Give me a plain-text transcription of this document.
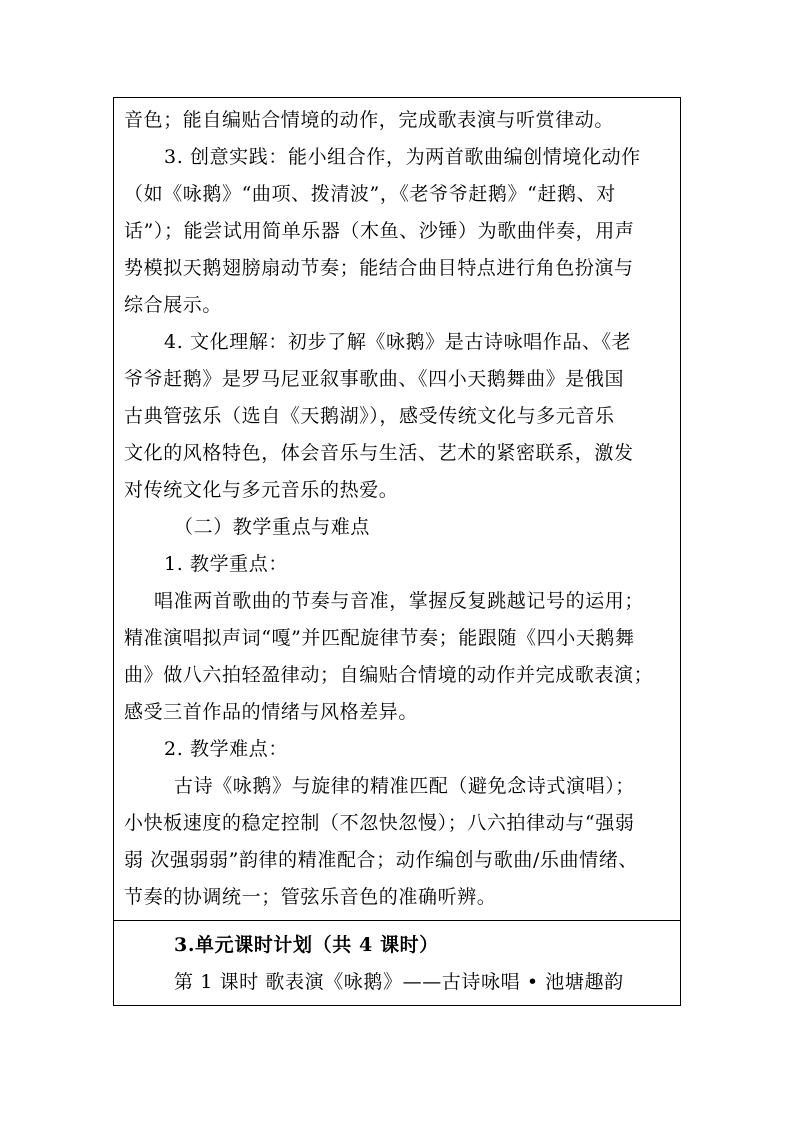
音色；能自编贴合情境的动作，完成歌表演与听赏律动。
3. 创意实践：能小组合作，为两首歌曲编创情境化动作
（如《咏鹅》“曲项、拨清波”，《老爷爷赶鹅》“赶鹅、对
话”）；能尝试用简单乐器（木鱼、沙锤）为歌曲伴奏，用声
势模拟天鹅翅膀扇动节奏；能结合曲目特点进行角色扮演与
综合展示。
4. 文化理解：初步了解《咏鹅》是古诗咏唱作品、《老
爷爷赶鹅》是罗马尼亚叙事歌曲、《四小天鹅舞曲》是俄国
古典管弦乐（选自《天鹅湖》），感受传统文化与多元音乐
文化的风格特色，体会音乐与生活、艺术的紧密联系，激发
对传统文化与多元音乐的热爱。
（二）教学重点与难点
1. 教学重点：
唱准两首歌曲的节奏与音准，掌握反复跳越记号的运用；
精准演唱拟声词“嘎”并匹配旋律节奏；能跟随《四小天鹅舞
曲》做八六拍轻盈律动；自编贴合情境的动作并完成歌表演；
感受三首作品的情绪与风格差异。
2. 教学难点：
古诗《咏鹅》与旋律的精准匹配（避免念诗式演唱）；
小快板速度的稳定控制（不忽快忽慢）；八六拍律动与“强弱
弱 次强弱弱”韵律的精准配合；动作编创与歌曲/乐曲情绪、
节奏的协调统一；管弦乐音色的准确听辨。
3.单元课时计划（共 4 课时）
第 1 课时 歌表演《咏鹅》——古诗咏唱 • 池塘趣韵
